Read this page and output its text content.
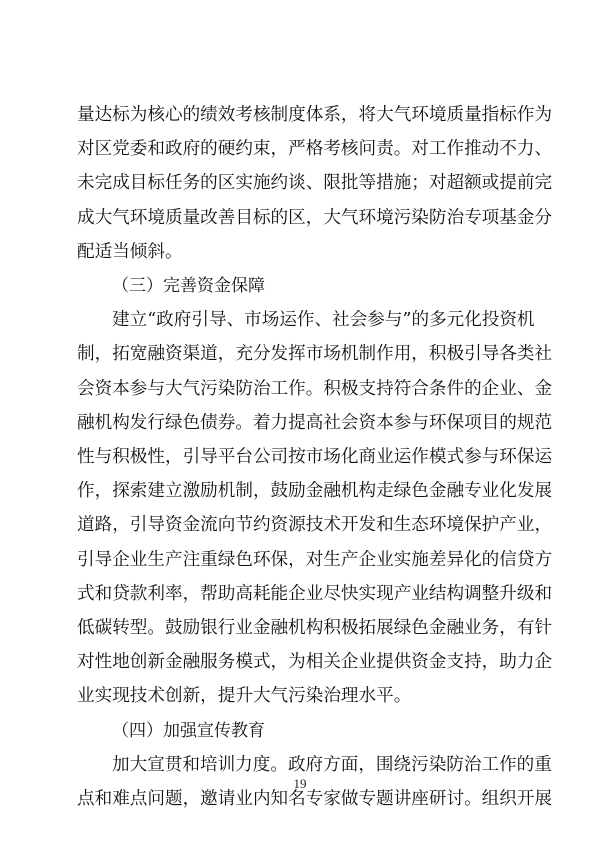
量达标为核心的绩效考核制度体系，将大气环境质量指标作为
对区党委和政府的硬约束，严格考核问责。对工作推动不力、
未完成目标任务的区实施约谈、限批等措施；对超额或提前完
成大气环境质量改善目标的区，大气环境污染防治专项基金分
配适当倾斜。
（三）完善资金保障
建立“政府引导、市场运作、社会参与”的多元化投资机
制，拓宽融资渠道，充分发挥市场机制作用，积极引导各类社
会资本参与大气污染防治工作。积极支持符合条件的企业、金
融机构发行绿色债券。着力提高社会资本参与环保项目的规范
性与积极性，引导平台公司按市场化商业运作模式参与环保运
作，探索建立激励机制，鼓励金融机构走绿色金融专业化发展
道路，引导资金流向节约资源技术开发和生态环境保护产业，
引导企业生产注重绿色环保，对生产企业实施差异化的信贷方
式和贷款利率，帮助高耗能企业尽快实现产业结构调整升级和
低碳转型。鼓励银行业金融机构积极拓展绿色金融业务，有针
对性地创新金融服务模式，为相关企业提供资金支持，助力企
业实现技术创新，提升大气污染治理水平。
（四）加强宣传教育
加大宣贯和培训力度。政府方面，围绕污染防治工作的重
点和难点问题，邀请业内知名专家做专题讲座研讨。组织开展
19
